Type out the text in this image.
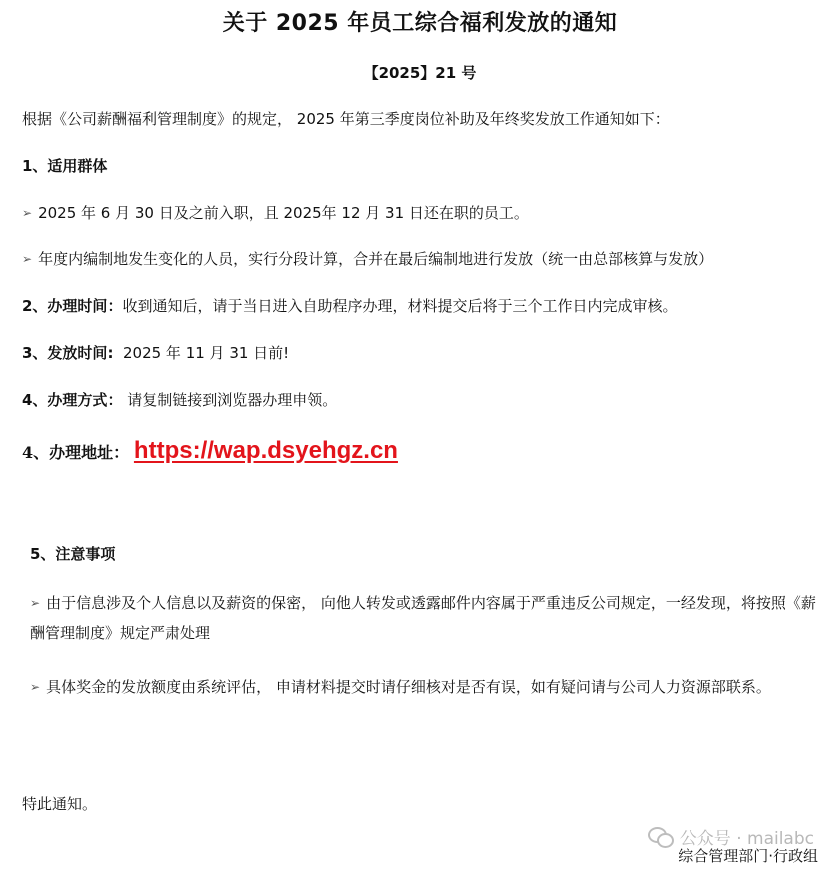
关于 2025 年员工综合福利发放的通知
【2025】21 号
根据《公司薪酬福利管理制度》的规定， 2025 年第三季度岗位补助及年终奖发放工作通知如下：
1、适用群体
➢ 2025 年 6 月 30 日及之前入职，且 2025年 12 月 31 日还在职的员工。
➢ 年度内编制地发生变化的人员，实行分段计算，合并在最后编制地进行发放（统一由总部核算与发放）
2、办理时间：收到通知后，请于当日进入自助程序办理，材料提交后将于三个工作日内完成审核。
3、发放时间: 2025 年 11 月 31 日前!
4、办理方式： 请复制链接到浏览器办理申领。
4、办理地址： https://wap.dsyehgz.cn
5、注意事项
➢ 由于信息涉及个人信息以及薪资的保密， 向他人转发或透露邮件内容属于严重违反公司规定，一经发现，将按照《薪酬管理制度》规定严肃处理
➢ 具体奖金的发放额度由系统评估， 申请材料提交时请仔细核对是否有误，如有疑问请与公司人力资源部联系。
特此通知。
公众号 · mailabc
综合管理部门·行政组
